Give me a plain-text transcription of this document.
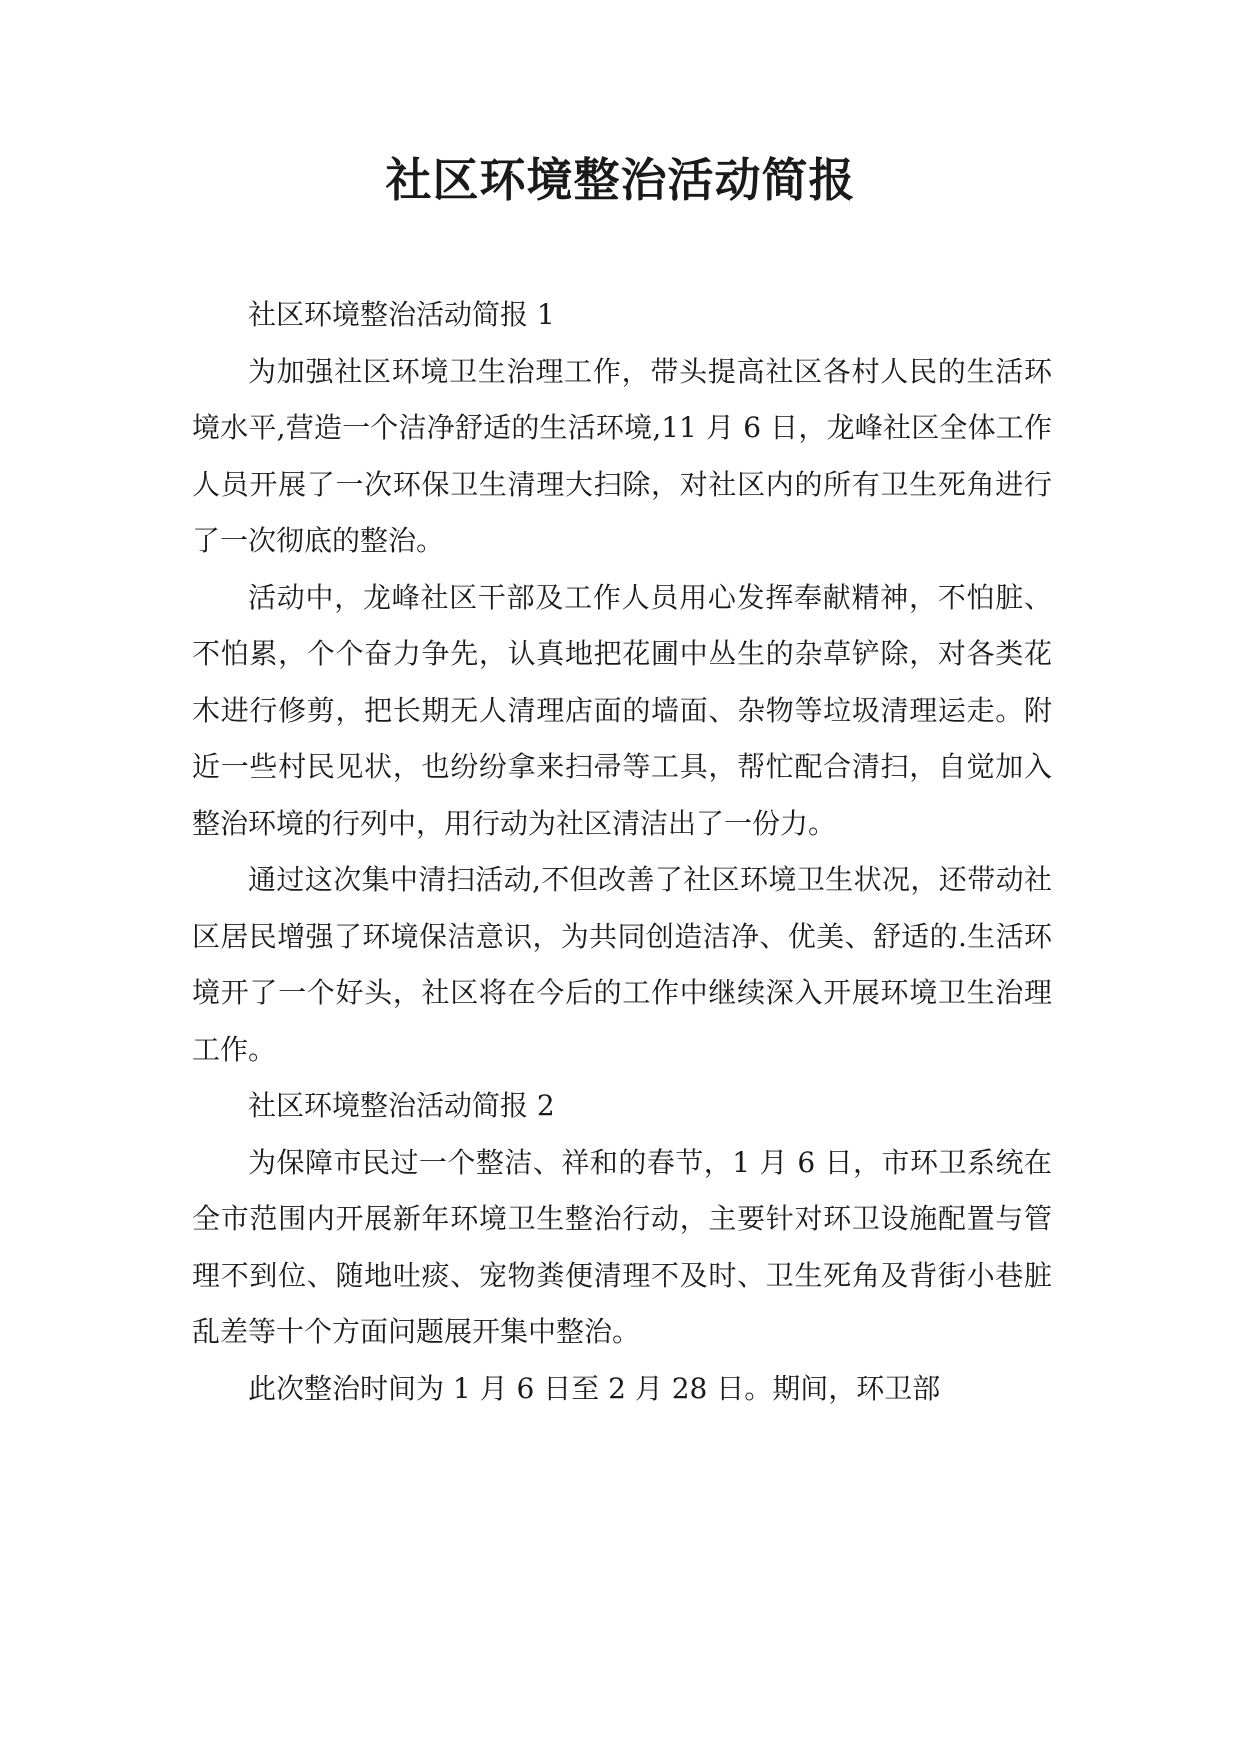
社区环境整治活动简报

社区环境整治活动简报 1

为加强社区环境卫生治理工作，带头提高社区各村人民的生活环境水平,营造一个洁净舒适的生活环境,11 月 6 日，龙峰社区全体工作人员开展了一次环保卫生清理大扫除，对社区内的所有卫生死角进行了一次彻底的整治。

活动中，龙峰社区干部及工作人员用心发挥奉献精神，不怕脏、不怕累，个个奋力争先，认真地把花圃中丛生的杂草铲除，对各类花木进行修剪，把长期无人清理店面的墙面、杂物等垃圾清理运走。附近一些村民见状，也纷纷拿来扫帚等工具，帮忙配合清扫，自觉加入整治环境的行列中，用行动为社区清洁出了一份力。

通过这次集中清扫活动,不但改善了社区环境卫生状况，还带动社区居民增强了环境保洁意识，为共同创造洁净、优美、舒适的.生活环境开了一个好头，社区将在今后的工作中继续深入开展环境卫生治理工作。

社区环境整治活动简报 2

为保障市民过一个整洁、祥和的春节，1 月 6 日，市环卫系统在全市范围内开展新年环境卫生整治行动，主要针对环卫设施配置与管理不到位、随地吐痰、宠物粪便清理不及时、卫生死角及背街小巷脏乱差等十个方面问题展开集中整治。

此次整治时间为 1 月 6 日至 2 月 28 日。期间，环卫部
